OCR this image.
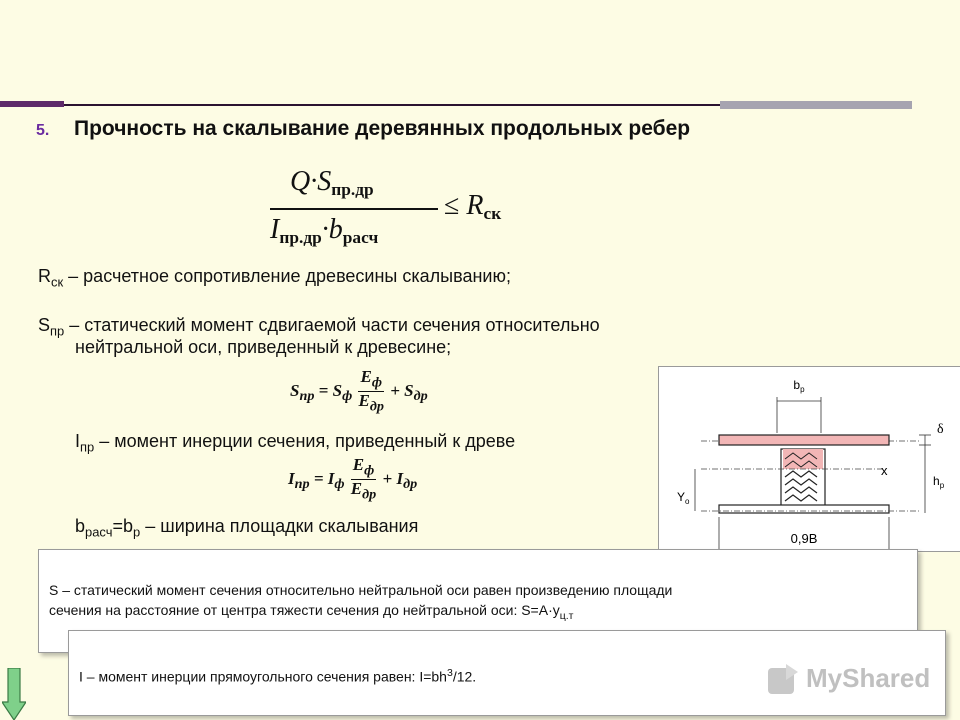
5. Прочность на скалывание деревянных продольных ребер
$Q\cdot S_{пр.др}$
$I_{пр.др}\cdot b_{расч}$
≤ $R_{ск}$
$R_{ск}$ – расчетное сопротивление древесины скалыванию;
$S_{пр}$ – статический момент сдвигаемой части сечения относительно
нейтральной оси, приведенный к древесине;
$S_{пр} = S_ф$
$E_ф$
$E_{др}$
+ $S_{др}$
$I_{пр}$ – момент инерции сечения, приведенный к древе
$I_{пр} = I_ф$
$E_ф$
$E_{др}$
+ $I_{др}$
$b_{расч}=b_р$ – ширина площадки скалывания
$b_р$
x
$Y_о$
δ
$h_р$
0,9B
S – статический момент сечения относительно нейтральной оси равен произведению площади
сечения на расстояние от центра тяжести сечения до нейтральной оси: $S=A\cdot y_{ц.т}$
I – момент инерции прямоугольного сечения равен: $I=bh^3/12$.	MyShared
